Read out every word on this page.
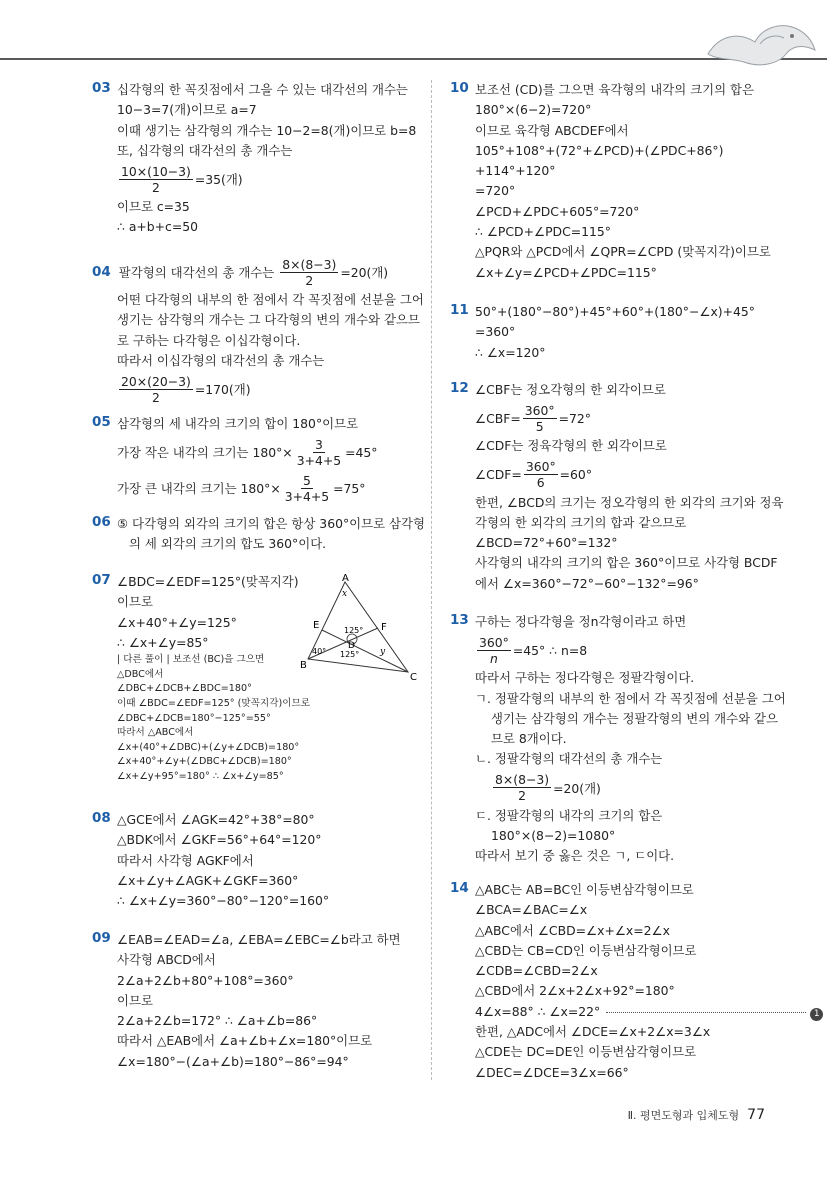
03 십각형의 한 꼭짓점에서 그을 수 있는 대각선의 개수는
10−3=7(개)이므로 a=7
이때 생기는 삼각형의 개수는 10−2=8(개)이므로 b=8
또, 십각형의 대각선의 총 개수는
$\frac{10\times(10-3)}{2} =35$(개)
이므로 c=35
∴ a+b+c=50
04 팔각형의 대각선의 총 개수는 $\frac{8\times(8-3)}{2} =20$(개)
어떤 다각형의 내부의 한 점에서 각 꼭짓점에 선분을 그어
생기는 삼각형의 개수는 그 다각형의 변의 개수와 같으므
로 구하는 다각형은 이십각형이다.
따라서 이십각형의 대각선의 총 개수는
$\frac{20\times(20-3)}{2} =170$(개)
05 삼각형의 세 내각의 크기의 합이 180°이므로
가장 작은 내각의 크기는 $180^\circ\times \frac{3}{3+4+5} =45^\circ$
가장 큰 내각의 크기는 $180^\circ\times \frac{5}{3+4+5} =75^\circ$
06 ⑤ 다각형의 외각의 크기의 합은 항상 360°이므로 삼각형
의 세 외각의 크기의 합도 360°이다.
07 ∠BDC=∠EDF=125°(맞꼭지각)
이므로
∠x+40°+∠y=125°
∴ ∠x+∠y=85°
| 다른 풀이 | 보조선 (BC)을 그으면
△DBC에서
∠DBC+∠DCB+∠BDC=180°
이때 ∠BDC=∠EDF=125° (맞꼭지각)이므로
∠DBC+∠DCB=180°−125°=55°
따라서 △ABC에서
∠x+(40°+∠DBC)+(∠y+∠DCB)=180°
∠x+40°+∠y+(∠DBC+∠DCB)=180°
∠x+∠y+95°=180° ∴ ∠x+∠y=85°
A
B
C
D
E	F
x
y
40°
125°
125°
08 △GCE에서 ∠AGK=42°+38°=80°
△BDK에서 ∠GKF=56°+64°=120°
따라서 사각형 AGKF에서
∠x+∠y+∠AGK+∠GKF=360°
∴ ∠x+∠y=360°−80°−120°=160°
09 ∠EAB=∠EAD=∠a, ∠EBA=∠EBC=∠b라고 하면
사각형 ABCD에서
2∠a+2∠b+80°+108°=360°
이므로
2∠a+2∠b=172° ∴ ∠a+∠b=86°
따라서 △EAB에서 ∠a+∠b+∠x=180°이므로
∠x=180°−(∠a+∠b)=180°−86°=94°
10 보조선 (CD)를 그으면 육각형의 내각의 크기의 합은
180°×(6−2)=720°
이므로 육각형 ABCDEF에서
105°+108°+(72°+∠PCD)+(∠PDC+86°)
+114°+120°
=720°
∠PCD+∠PDC+605°=720°
∴ ∠PCD+∠PDC=115°
△PQR와 △PCD에서 ∠QPR=∠CPD (맞꼭지각)이므로
∠x+∠y=∠PCD+∠PDC=115°
11 50°+(180°−80°)+45°+60°+(180°−∠x)+45°
=360°
∴ ∠x=120°
12 ∠CBF는 정오각형의 한 외각이므로
∠CBF= $\frac{360^\circ}{5} =72^\circ$
∠CDF는 정육각형의 한 외각이므로
∠CDF= $\frac{360^\circ}{6} =60^\circ$
한편, ∠BCD의 크기는 정오각형의 한 외각의 크기와 정육
각형의 한 외각의 크기의 합과 같으므로
∠BCD=72°+60°=132°
사각형의 내각의 크기의 합은 360°이므로 사각형 BCDF
에서 ∠x=360°−72°−60°−132°=96°
13 구하는 정다각형을 정n각형이라고 하면
$\frac{360^\circ}{n} =45^\circ$ ∴ n=8
따라서 구하는 정다각형은 정팔각형이다.
ㄱ. 정팔각형의 내부의 한 점에서 각 꼭짓점에 선분을 그어
생기는 삼각형의 개수는 정팔각형의 변의 개수와 같으
므로 8개이다.
ㄴ. 정팔각형의 대각선의 총 개수는
$\frac{8\times(8-3)}{2} =20$(개)
ㄷ. 정팔각형의 내각의 크기의 합은
180°×(8−2)=1080°
따라서 보기 중 옳은 것은 ㄱ, ㄷ이다.
14 △ABC는 AB=BC인 이등변삼각형이므로
∠BCA=∠BAC=∠x
△ABC에서 ∠CBD=∠x+∠x=2∠x
△CBD는 CB=CD인 이등변삼각형이므로
∠CDB=∠CBD=2∠x
△CBD에서 2∠x+2∠x+92°=180°
4∠x=88° ∴ ∠x=22°	1
한편, △ADC에서 ∠DCE=∠x+2∠x=3∠x
△CDE는 DC=DE인 이등변삼각형이므로
∠DEC=∠DCE=3∠x=66°
Ⅱ. 평면도형과 입체도형 77
